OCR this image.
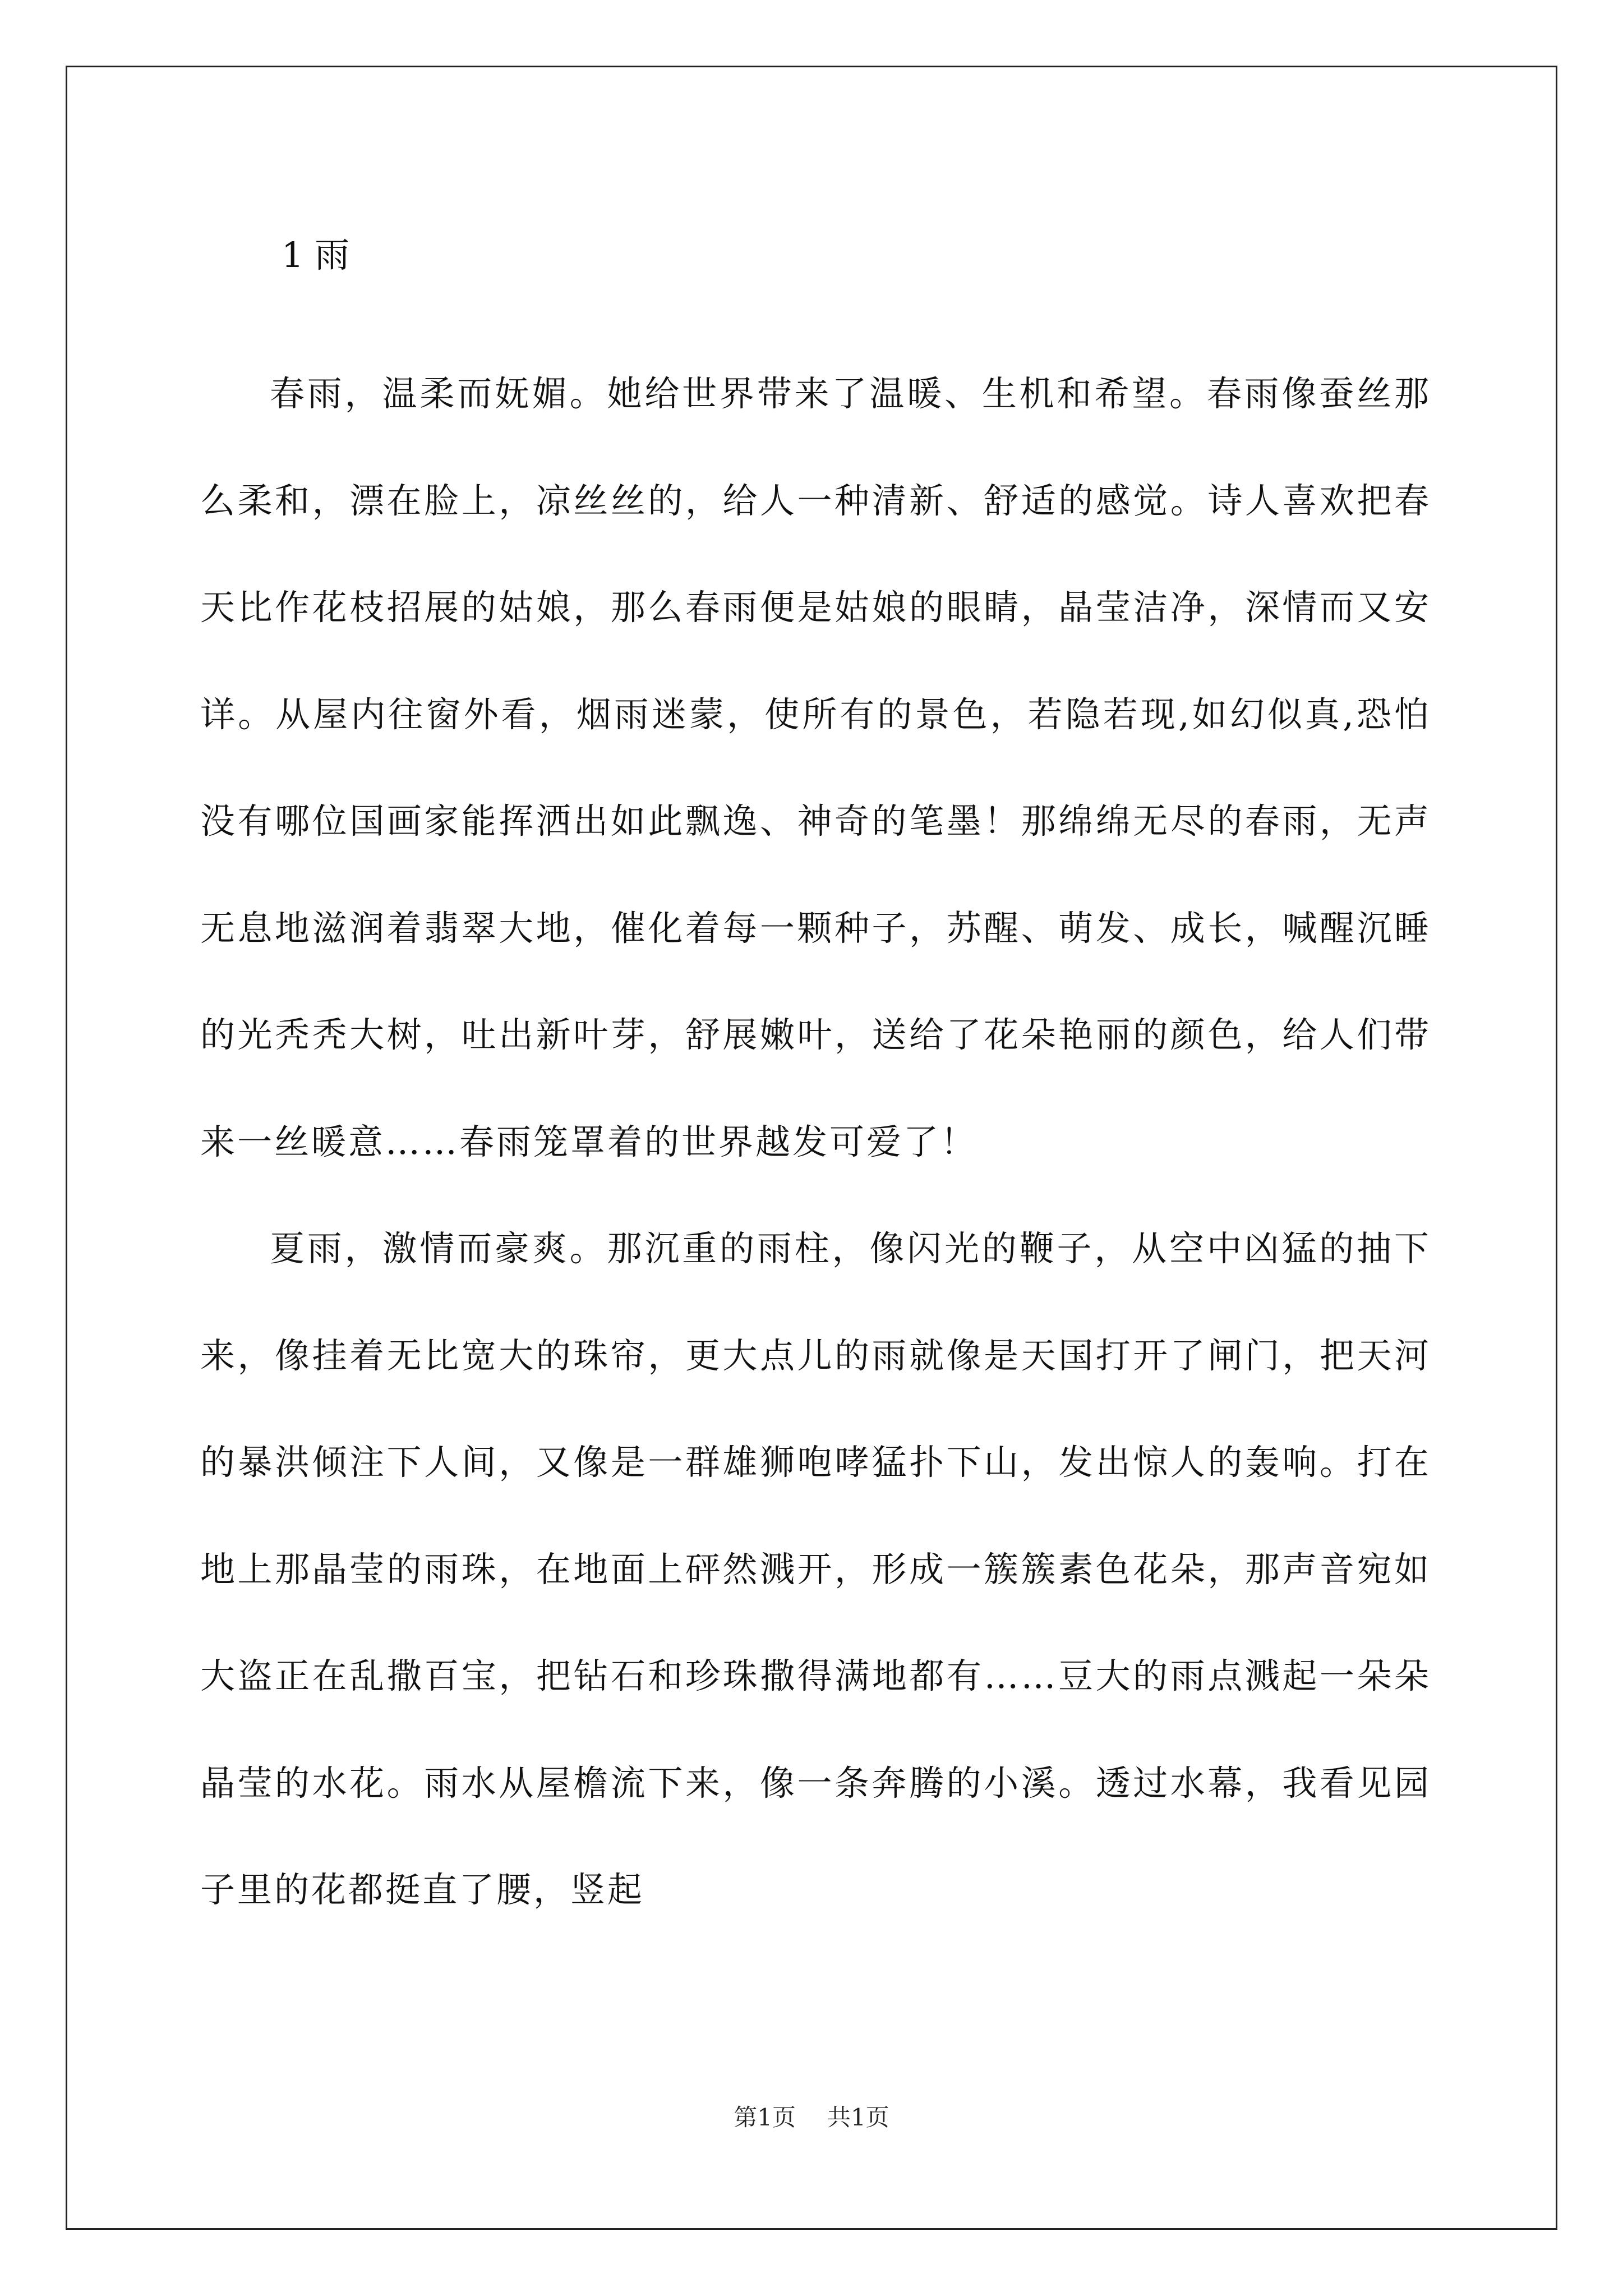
1 雨

春雨，温柔而妩媚。她给世界带来了温暖、生机和希望。春雨像蚕丝那么柔和，漂在脸上，凉丝丝的，给人一种清新、舒适的感觉。诗人喜欢把春天比作花枝招展的姑娘，那么春雨便是姑娘的眼睛，晶莹洁净，深情而又安详。从屋内往窗外看，烟雨迷蒙，使所有的景色，若隐若现,如幻似真,恐怕没有哪位国画家能挥洒出如此飘逸、神奇的笔墨！那绵绵无尽的春雨，无声无息地滋润着翡翠大地，催化着每一颗种子，苏醒、萌发、成长，喊醒沉睡的光秃秃大树，吐出新叶芽，舒展嫩叶，送给了花朵艳丽的颜色，给人们带来一丝暖意……春雨笼罩着的世界越发可爱了！

夏雨，激情而豪爽。那沉重的雨柱，像闪光的鞭子，从空中凶猛的抽下来，像挂着无比宽大的珠帘，更大点儿的雨就像是天国打开了闸门，把天河的暴洪倾注下人间，又像是一群雄狮咆哮猛扑下山，发出惊人的轰响。打在地上那晶莹的雨珠，在地面上砰然溅开，形成一簇簇素色花朵，那声音宛如大盗正在乱撒百宝，把钻石和珍珠撒得满地都有……豆大的雨点溅起一朵朵晶莹的水花。雨水从屋檐流下来，像一条奔腾的小溪。透过水幕，我看见园子里的花都挺直了腰，竖起

第1页 共1页
